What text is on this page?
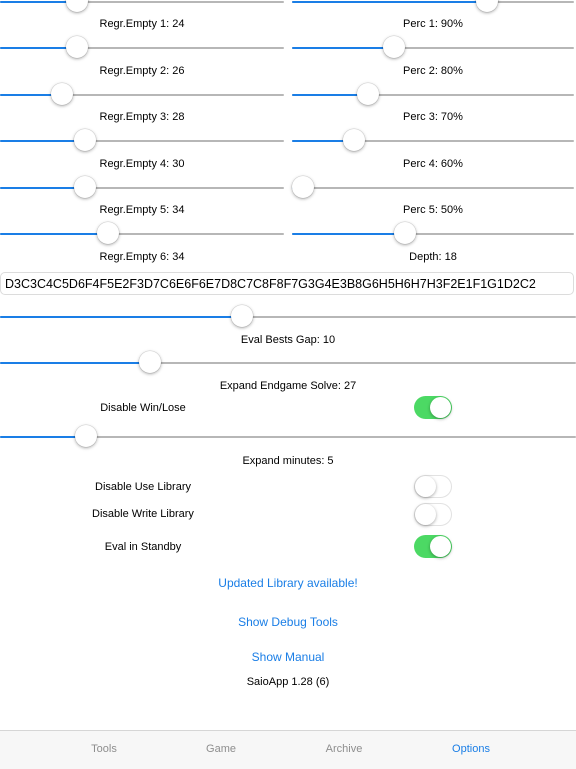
Regr.Empty 1: 24
Regr.Empty 2: 26
Regr.Empty 3: 28
Regr.Empty 4: 30
Regr.Empty 5: 34
Regr.Empty 6: 34
Perc 1: 90%
Perc 2: 80%
Perc 3: 70%
Perc 4: 60%
Perc 5: 50%
Depth: 18
D3C3C4C5D6F4F5E2F3D7C6E6F6E7D8C7C8F8F7G3G4E3B8G6H5H6H7H3F2E1F1G1D2C2
Eval Bests Gap: 10
Expand Endgame Solve: 27
Disable Win/Lose
Expand minutes: 5
Disable Use Library
Disable Write Library
Eval in Standby
Updated Library available!
Show Debug Tools
Show Manual
SaioApp 1.28 (6)
Tools	Game	Archive	Options
